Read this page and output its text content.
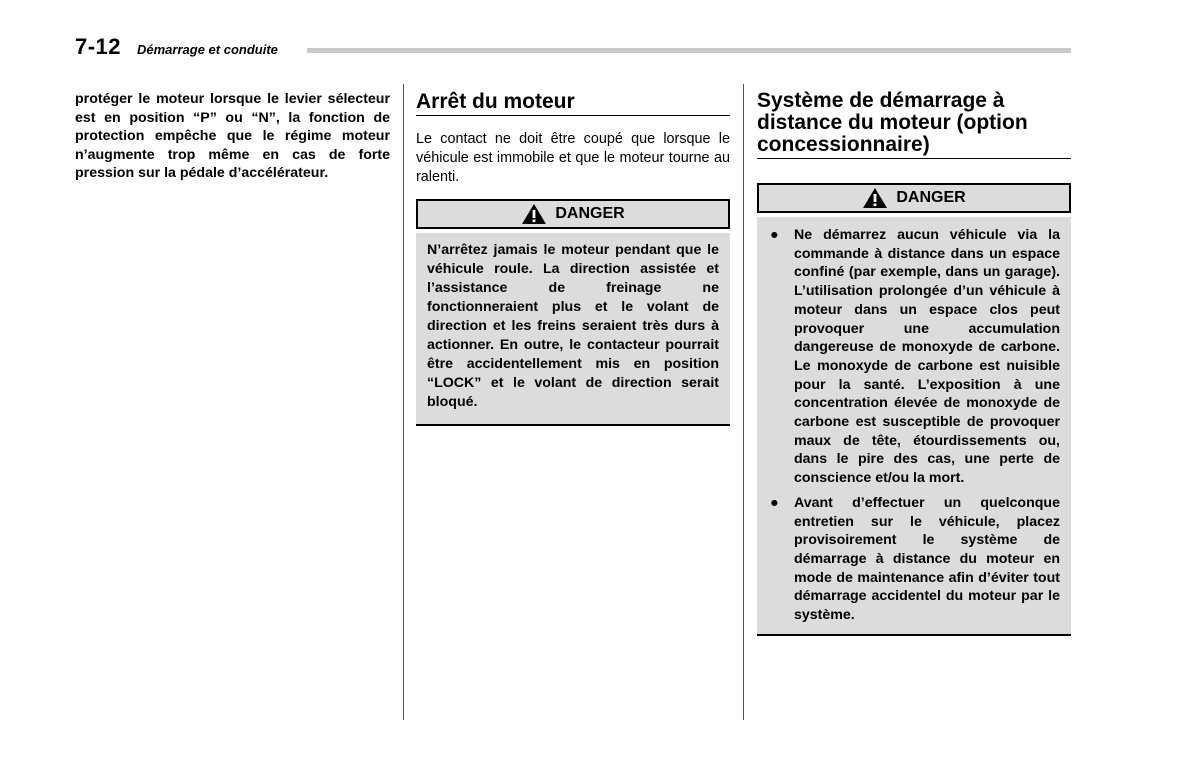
7-12 Démarrage et conduite

protéger le moteur lorsque le levier sélecteur est en position “P” ou “N”, la fonction de protection empêche que le régime moteur n’augmente trop même en cas de forte pression sur la pédale d’accélérateur.

Arrêt du moteur

Le contact ne doit être coupé que lorsque le véhicule est immobile et que le moteur tourne au ralenti.

DANGER

N’arrêtez jamais le moteur pendant que le véhicule roule. La direction assistée et l’assistance de freinage ne fonctionneraient plus et le volant de direction et les freins seraient très durs à actionner. En outre, le contacteur pourrait être accidentellement mis en position “LOCK” et le volant de direction serait bloqué.

Système de démarrage à distance du moteur (option concessionnaire)
DANGER
●	Ne démarrez aucun véhicule via la commande à distance dans un espace confiné (par exemple, dans un garage). L’utilisation prolongée d’un véhicule à moteur dans un espace clos peut provoquer une accumulation dangereuse de monoxyde de carbone. Le monoxyde de carbone est nuisible pour la santé. L’exposition à une concentration élevée de monoxyde de carbone est susceptible de provoquer maux de tête, étourdissements ou, dans le pire des cas, une perte de conscience et/ou la mort.

●	Avant d’effectuer un quelconque entretien sur le véhicule, placez provisoirement le système de démarrage à distance du moteur en mode de maintenance afin d’éviter tout démarrage accidentel du moteur par le système.
